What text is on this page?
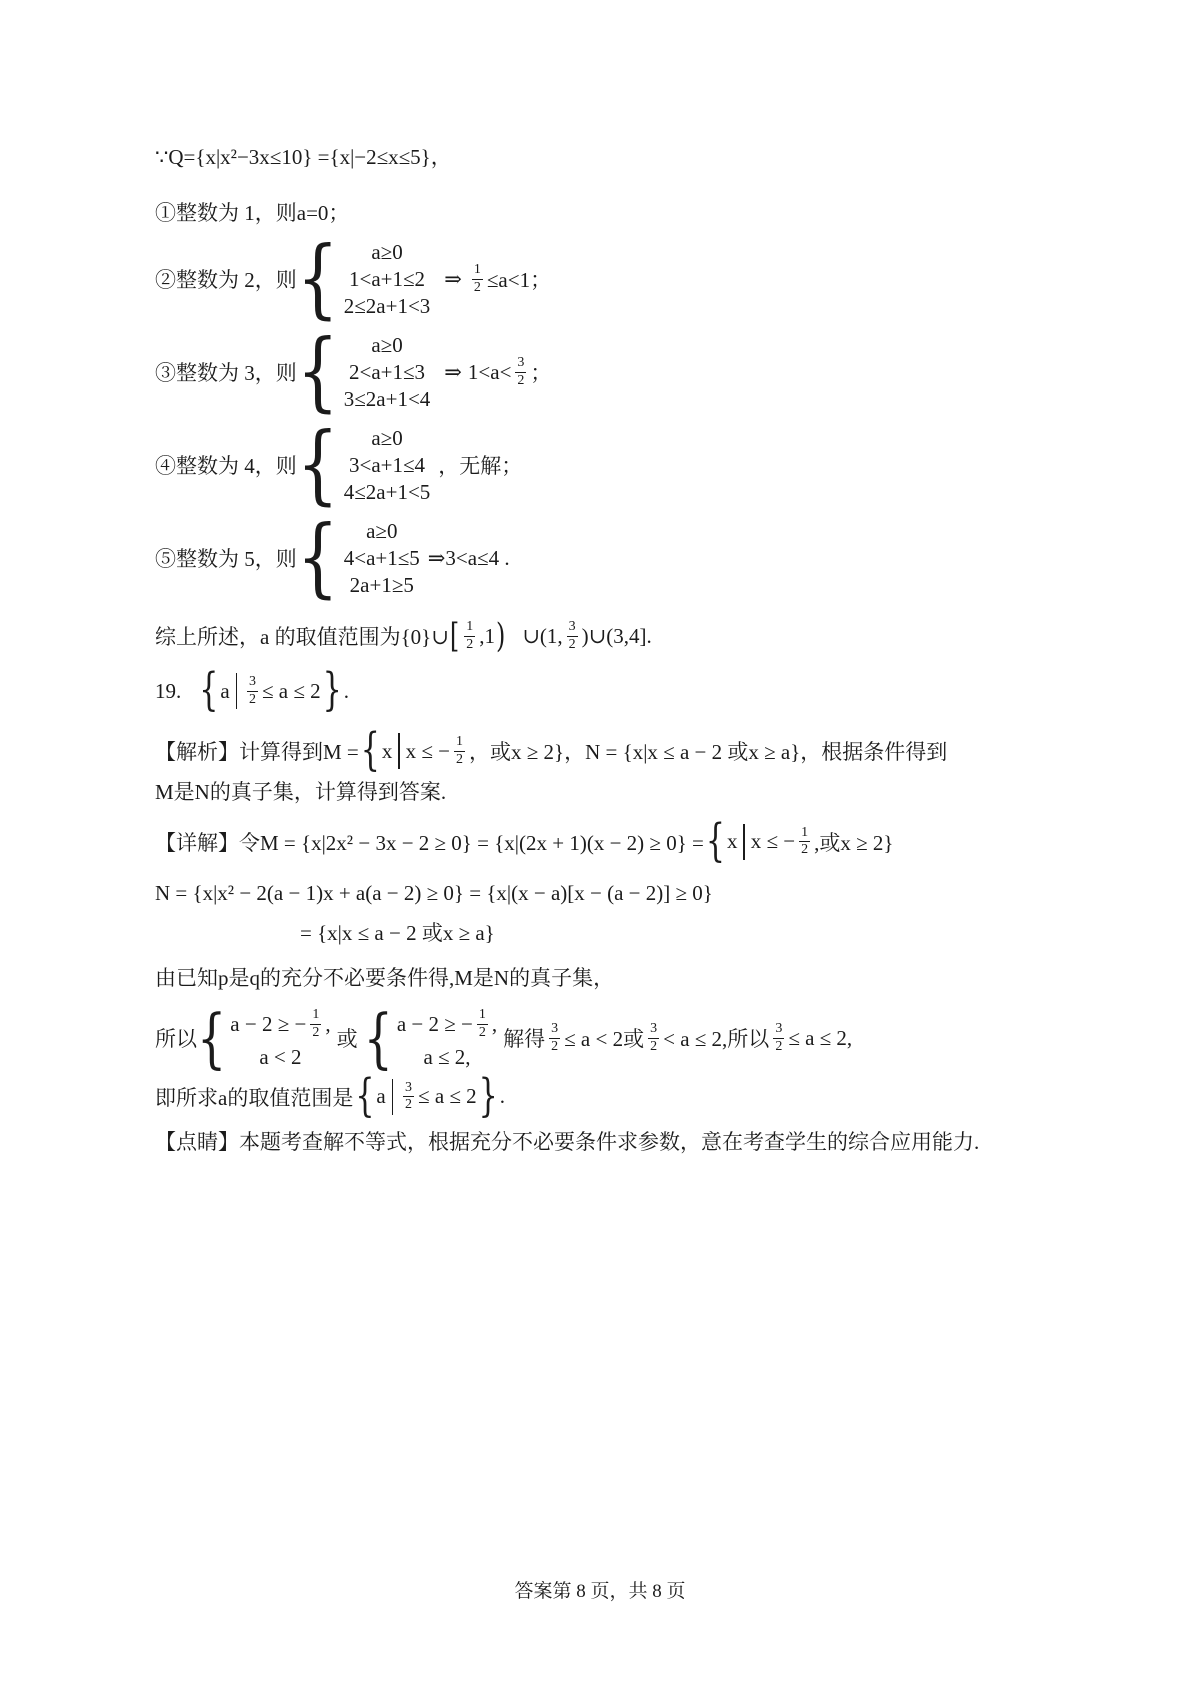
∵Q={x|x²−3x≤10} ={x|−2≤x≤5}，
①整数为 1，则a=0；
②整数为 2，则 { a≥0
1<a+1≤2
2≤2a+1<3
⇒ $\frac{1}{2} \le a<1$；
③整数为 3，则 { a≥0
2<a+1≤3
3≤2a+1<4
⇒ $1<a< \frac{3}{2}$ ；
④整数为 4，则 { a≥0
3<a+1≤4
4≤2a+1<5
，无解；
⑤整数为 5，则 { a≥0
4<a+1≤5
2a+1≥5
⇒3<a≤4 .
综上所述，a 的取值范围为{0}∪ [ $\frac{1}{2} ,1$ ) ∪(1, $\frac{3}{2}$ )∪(3,4].
19. { a $\frac{3}{2} \le a \le 2$ } .
【解析】计算得到M = { x x ≤ − $\frac{1}{2}$ ，或x ≥ 2}，N = {x|x ≤ a − 2 或x ≥ a}，根据条件得到
M是N的真子集，计算得到答案.
【详解】令M = {x|2x² − 3x − 2 ≥ 0} = {x|(2x + 1)(x − 2) ≥ 0} = { x x ≤ − $\frac{1}{2}$ ,或x ≥ 2}
N = {x|x² − 2(a − 1)x + a(a − 2) ≥ 0} = {x|(x − a)[x − (a − 2)] ≥ 0}
= {x|x ≤ a − 2 或x ≥ a}
由已知p是q的充分不必要条件得,M是N的真子集，
所以 { a − 2 ≥ − $\frac{1}{2}$ ,
a < 2
或 { a − 2 ≥ − $\frac{1}{2}$ ,
a ≤ 2,
解得 $\frac{3}{2} \le a < 2$或 $\frac{3}{2} < a \le 2$,所以 $\frac{3}{2} \le a \le 2$,
即所求a的取值范围是 { a $\frac{3}{2} \le a \le 2$ } .
【点睛】本题考查解不等式，根据充分不必要条件求参数，意在考查学生的综合应用能力.
答案第 8 页，共 8 页
